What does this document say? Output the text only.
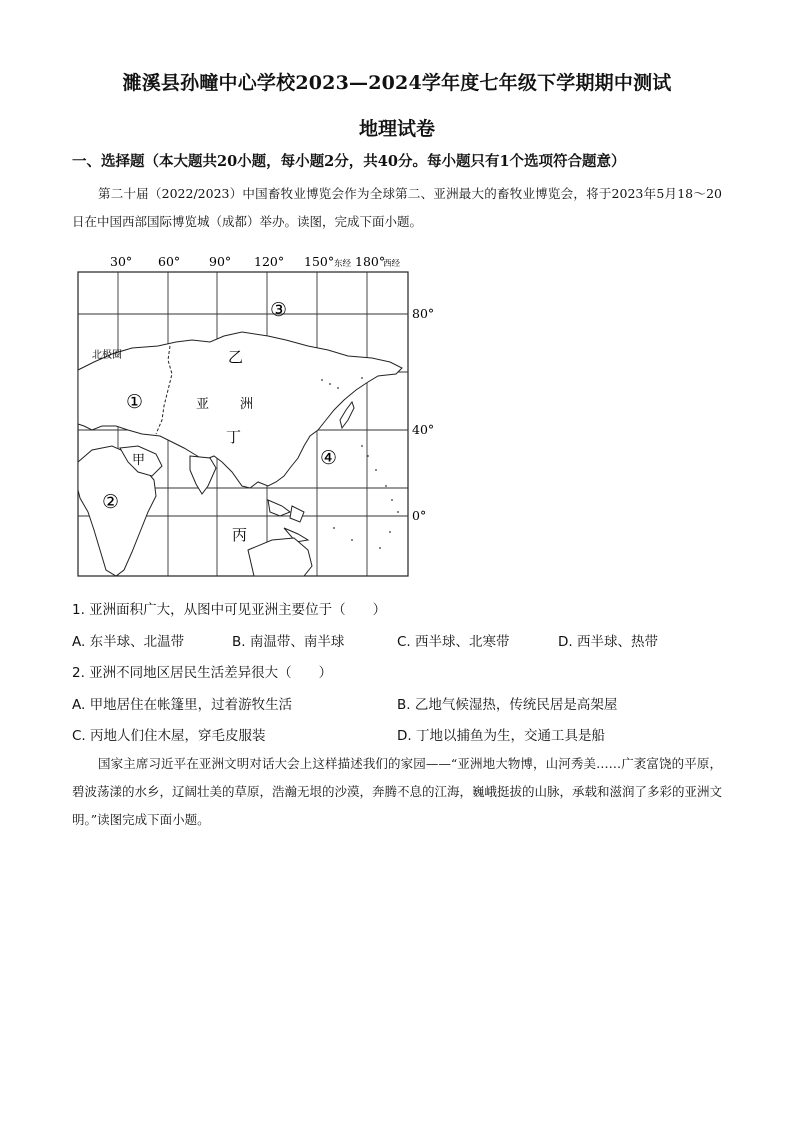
濉溪县孙疃中心学校2023—2024学年度七年级下学期期中测试
地理试卷
一、选择题（本大题共20小题，每小题2分，共40分。每小题只有1个选项符合题意）
第二十届（2022/2023）中国畜牧业博览会作为全球第二、亚洲最大的畜牧业博览会，将于2023年5月18～20日在中国西部国际博览城（成都）举办。读图，完成下面小题。
30° 60° 90° 120° 150° 东经 180°
西经
80°
40°
0°
北极圈
亚 洲
乙
丁
甲
丙
①
②
③
④
1. 亚洲面积广大，从图中可见亚洲主要位于（　　）
A. 东半球、北温带	B. 南温带、南半球	C. 西半球、北寒带	D. 西半球、热带
2. 亚洲不同地区居民生活差异很大（　　）
A. 甲地居住在帐篷里，过着游牧生活	B. 乙地气候湿热，传统民居是高架屋
C. 丙地人们住木屋，穿毛皮服装	D. 丁地以捕鱼为生，交通工具是船
国家主席习近平在亚洲文明对话大会上这样描述我们的家园——“亚洲地大物博，山河秀美……广袤富饶的平原，碧波荡漾的水乡，辽阔壮美的草原，浩瀚无垠的沙漠，奔腾不息的江海，巍峨挺拔的山脉，承载和滋润了多彩的亚洲文明。”读图完成下面小题。
